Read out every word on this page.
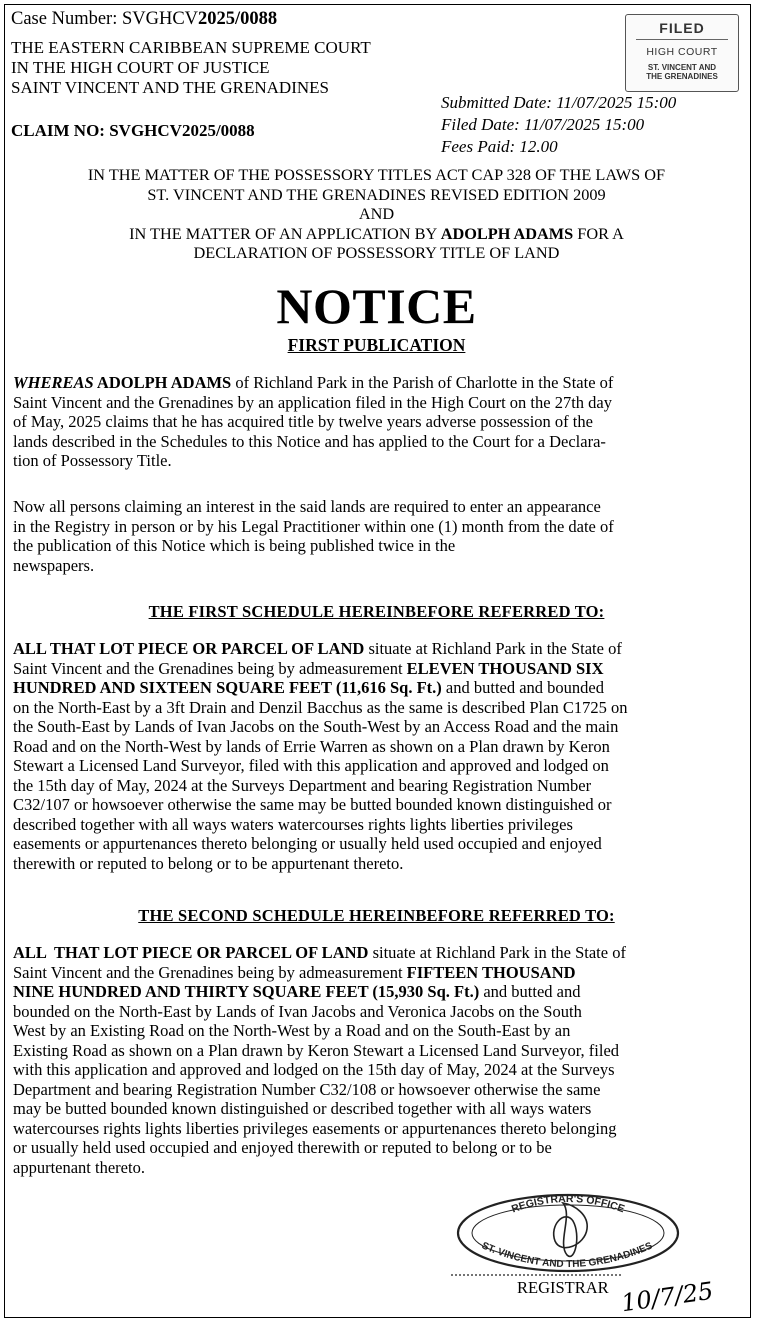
Case Number: SVGHCV2025/0088
THE EASTERN CARIBBEAN SUPREME COURT
IN THE HIGH COURT OF JUSTICE
SAINT VINCENT AND THE GRENADINES
Submitted Date: 11/07/2025 15:00
Filed Date: 11/07/2025 15:00
Fees Paid: 12.00
CLAIM NO: SVGHCV2025/0088
FILED
HIGH COURT
ST. VINCENT AND
THE GRENADINES
IN THE MATTER OF THE POSSESSORY TITLES ACT CAP 328 OF THE LAWS OF
ST. VINCENT AND THE GRENADINES REVISED EDITION 2009
AND
IN THE MATTER OF AN APPLICATION BY ADOLPH ADAMS FOR A
DECLARATION OF POSSESSORY TITLE OF LAND
NOTICE
FIRST PUBLICATION
WHEREAS ADOLPH ADAMS of Richland Park in the Parish of Charlotte in the State of
Saint Vincent and the Grenadines by an application filed in the High Court on the 27th day
of May, 2025 claims that he has acquired title by twelve years adverse possession of the
lands described in the Schedules to this Notice and has applied to the Court for a Declara-
tion of Possessory Title.
Now all persons claiming an interest in the said lands are required to enter an appearance
in the Registry in person or by his Legal Practitioner within one (1) month from the date of
the publication of this Notice which is being published twice in the
newspapers.
THE FIRST SCHEDULE HEREINBEFORE REFERRED TO:
ALL THAT LOT PIECE OR PARCEL OF LAND situate at Richland Park in the State of
Saint Vincent and the Grenadines being by admeasurement ELEVEN THOUSAND SIX
HUNDRED AND SIXTEEN SQUARE FEET (11,616 Sq. Ft.) and butted and bounded
on the North-East by a 3ft Drain and Denzil Bacchus as the same is described Plan C1725 on
the South-East by Lands of Ivan Jacobs on the South-West by an Access Road and the main
Road and on the North-West by lands of Errie Warren as shown on a Plan drawn by Keron
Stewart a Licensed Land Surveyor, filed with this application and approved and lodged on
the 15th day of May, 2024 at the Surveys Department and bearing Registration Number
C32/107 or howsoever otherwise the same may be butted bounded known distinguished or
described together with all ways waters watercourses rights lights liberties privileges
easements or appurtenances thereto belonging or usually held used occupied and enjoyed
therewith or reputed to belong or to be appurtenant thereto.
THE SECOND SCHEDULE HEREINBEFORE REFERRED TO:
ALL  THAT LOT PIECE OR PARCEL OF LAND situate at Richland Park in the State of
Saint Vincent and the Grenadines being by admeasurement FIFTEEN THOUSAND
NINE HUNDRED AND THIRTY SQUARE FEET (15,930 Sq. Ft.) and butted and
bounded on the North-East by Lands of Ivan Jacobs and Veronica Jacobs on the South
West by an Existing Road on the North-West by a Road and on the South-East by an
Existing Road as shown on a Plan drawn by Keron Stewart a Licensed Land Surveyor, filed
with this application and approved and lodged on the 15th day of May, 2024 at the Surveys
Department and bearing Registration Number C32/108 or howsoever otherwise the same
may be butted bounded known distinguished or described together with all ways waters
watercourses rights lights liberties privileges easements or appurtenances thereto belonging
or usually held used occupied and enjoyed therewith or reputed to belong or to be
appurtenant thereto.
REGISTRAR'S OFFICE
ST. VINCENT AND THE GRENADINES
REGISTRAR 10/7/25
